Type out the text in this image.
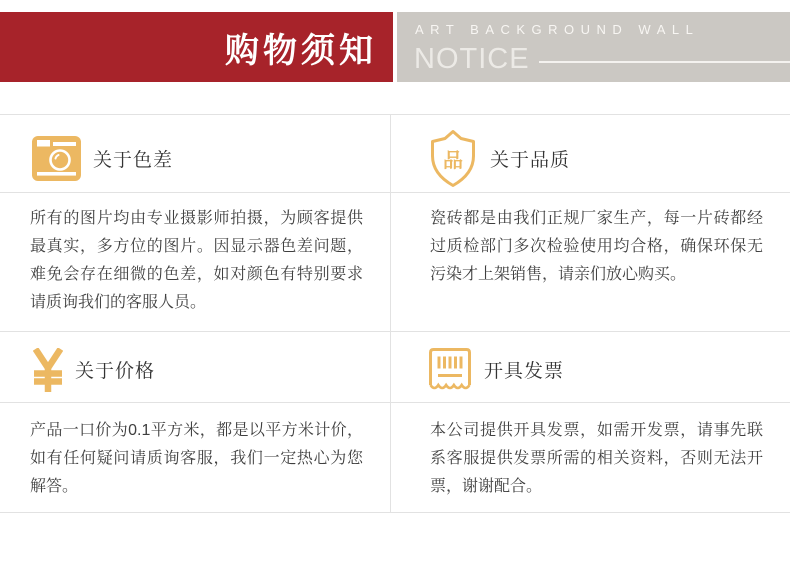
购物须知
ART BACKGROUND WALL
NOTICE
关于色差	品 关于品质

所有的图片均由专业摄影师拍摄，为顾客提供最真实，多方位的图片。因显示器色差问题，难免会存在细微的色差，如对颜色有特别要求请质询我们的客服人员。

瓷砖都是由我们正规厂家生产，每一片砖都经过质检部门多次检验使用均合格，确保环保无污染才上架销售，请亲们放心购买。

关于价格	开具发票

产品一口价为0.1平方米，都是以平方米计价，如有任何疑问请质询客服，我们一定热心为您解答。

本公司提供开具发票，如需开发票，请事先联系客服提供发票所需的相关资料，否则无法开票，谢谢配合。
